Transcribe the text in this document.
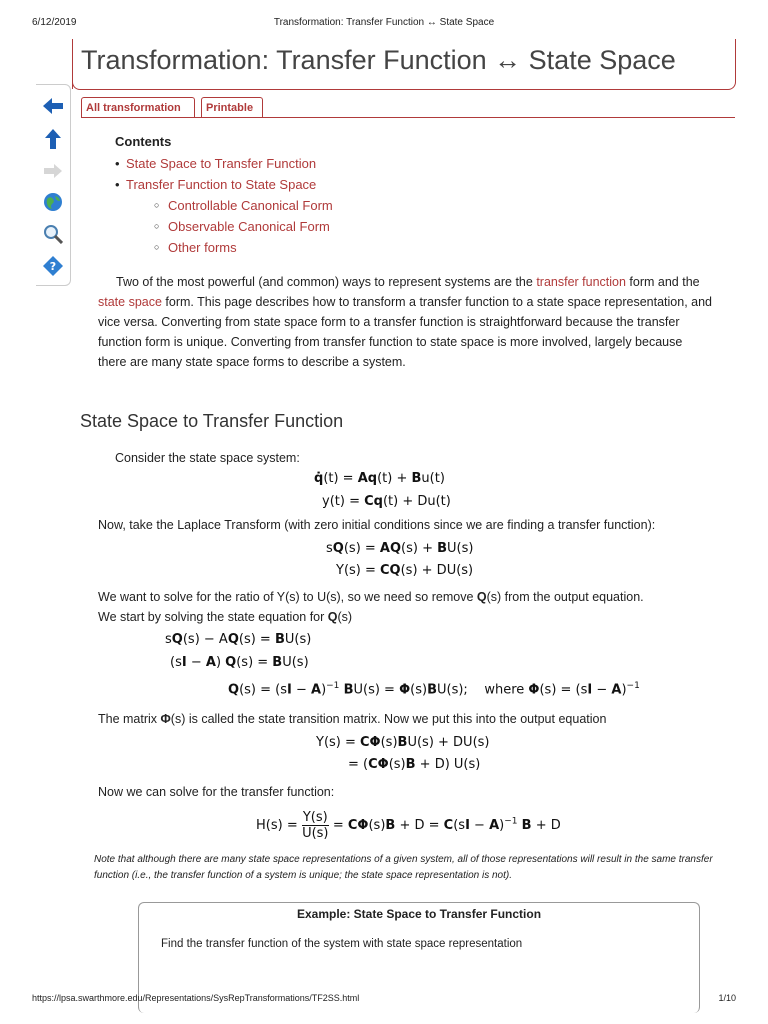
6/12/2019	Transformation: Transfer Function ↔ State Space
Transformation: Transfer Function ↔ State Space
?
All transformation	Printable
Contents
• State Space to Transfer Function
• Transfer Function to State Space
○ Controllable Canonical Form
○ Observable Canonical Form
○ Other forms
Two of the most powerful (and common) ways to represent systems are the transfer function form and the state space form. This page describes how to transform a transfer function to a state space representation, and vice versa. Converting from state space form to a transfer function is straightforward because the transfer function form is unique. Converting from transfer function to state space is more involved, largely because there are many state space forms to describe a system.
State Space to Transfer Function
Consider the state space system:
q̇(t) = Aq(t) + Bu(t)
y(t) = Cq(t) + Du(t)
Now, take the Laplace Transform (with zero initial conditions since we are finding a transfer function):
sQ(s) = AQ(s) + BU(s)
Y(s) = CQ(s) + DU(s)
We want to solve for the ratio of Y(s) to U(s), so we need so remove Q(s) from the output equation.
We start by solving the state equation for Q(s)
sQ(s) − AQ(s) = BU(s)
(sI − A) Q(s) = BU(s)
Q(s) = (sI − A)$^{-1}$ BU(s) = Φ(s)BU(s);    where Φ(s) = (sI − A)$^{-1}$
The matrix Φ(s) is called the state transition matrix. Now we put this into the output equation
Y(s) = CΦ(s)BU(s) + DU(s)
= (CΦ(s)B + D) U(s)
Now we can solve for the transfer function:
$H(s) = \frac{Y(s)}{U(s)} = C\Phi(s)B + D = C(sI - A)^{-1}$ B + D
Note that although there are many state space representations of a given system, all of those representations will result in the same transfer function (i.e., the transfer function of a system is unique; the state space representation is not).
Example: State Space to Transfer Function
Find the transfer function of the system with state space representation
https://lpsa.swarthmore.edu/Representations/SysRepTransformations/TF2SS.html	1/10
